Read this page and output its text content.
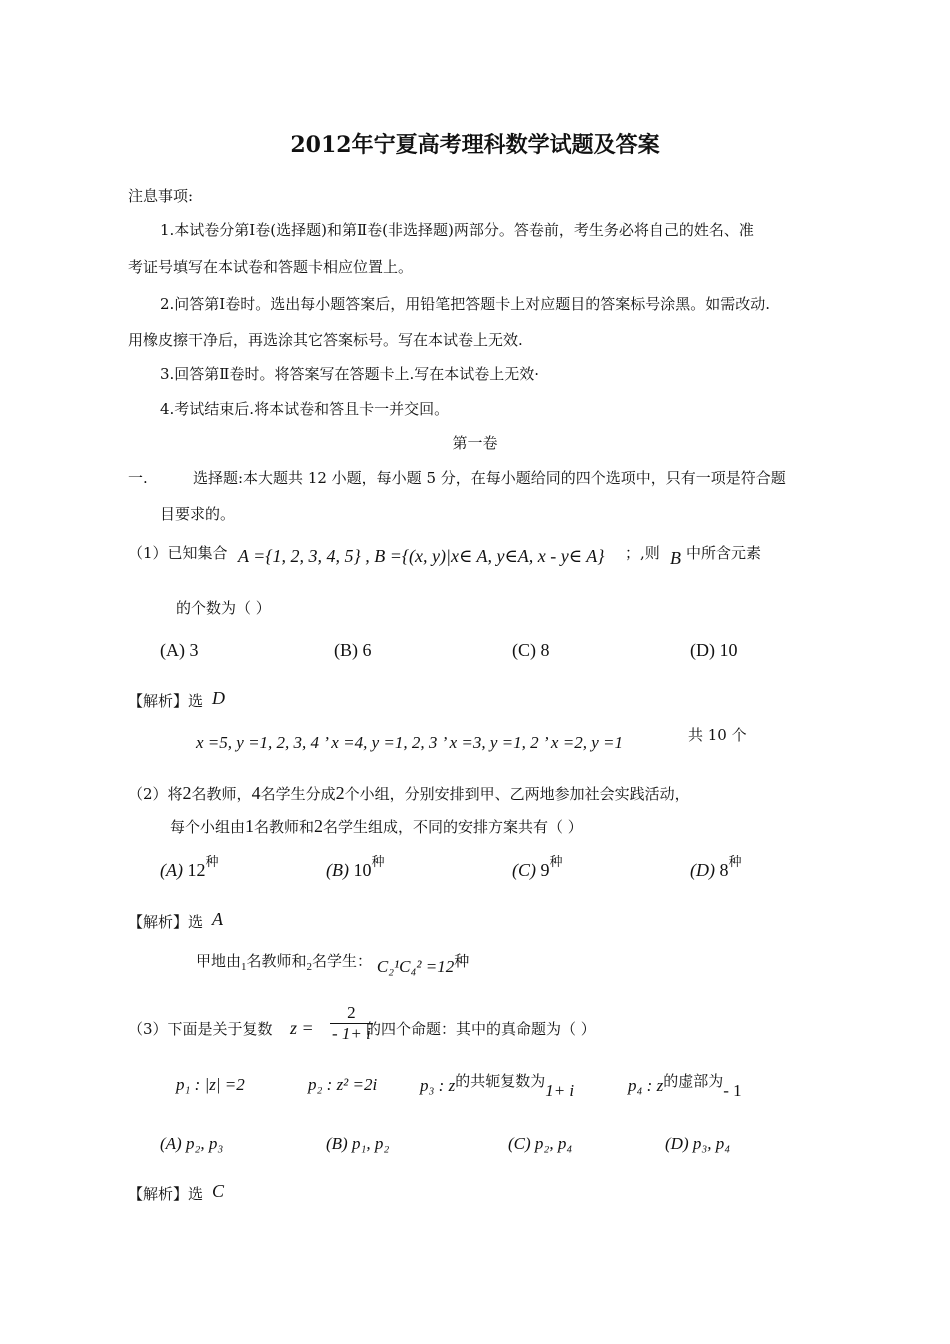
2012年宁夏高考理科数学试题及答案
注息事项:
1.本试卷分第Ⅰ卷(选择题)和第Ⅱ卷(非选择题)两部分。答卷前，考生务必将自己的姓名、准
考证号填写在本试卷和答题卡相应位置上。
2.问答第Ⅰ卷时。选出每小题答案后，用铅笔把答题卡上对应题目的答案标号涂黑。如需改动.
用橡皮擦干净后，再选涂其它答案标号。写在本试卷上无效.
3.回答第Ⅱ卷时。将答案写在答题卡上.写在本试卷上无效·
4.考试结束后.将本试卷和答且卡一并交回。
第一卷
一.	选择题:本大题共 12 小题，每小题 5 分，在每小题给同的四个选项中，只有一项是符合题
目要求的。
（1）已知集合 A ={1, 2, 3, 4, 5} , B ={(x, y)|x∈ A, y∈A, x - y∈ A} ；,则 B 中所含元素
的个数为（ ）
(A) 3	(B) 6	(C) 8	(D) 10
【解析】选 D
x =5, y =1, 2, 3, 4 ’ x =4, y =1, 2, 3 ’ x =3, y =1, 2 ’ x =2, y =1	共 10 个
（2）将2名教师，4名学生分成2个小组，分别安排到甲、乙两地参加社会实践活动，
每个小组由1名教师和2名学生组成，不同的安排方案共有（ ）
(A) $12^种$	(B) $10^种$	(C) $9^种$	(D) $8^种$
【解析】选 A
甲地由$_1$名教师和$_2$名学生： C₂¹C₄² =12种
（3）下面是关于复数 $z = \frac{2}{- 1+ i}$
的四个命题：其中的真命题为（ ）
p₁ : |z| =2	p₂ : z² =2i	p₃ : z的共轭复数为1+ i	p₄ : z的虚部为- 1
(A) p₂, p₃	(B) p₁, p₂	(C) p₂, p₄	(D) p₃, p₄
【解析】选 C
